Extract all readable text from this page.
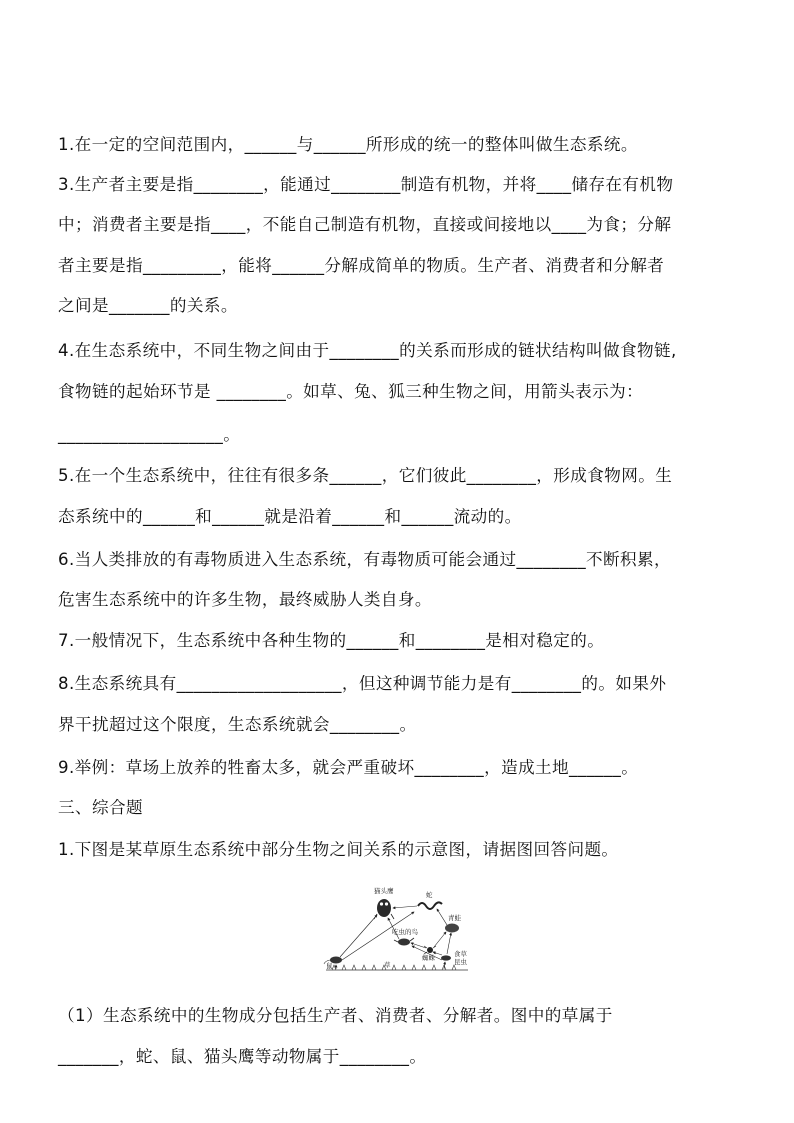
1.在一定的空间范围内，______与______所形成的统一的整体叫做生态系统。
3.生产者主要是指________，能通过________制造有机物，并将____储存在有机物
中；消费者主要是指____，不能自己制造有机物，直接或间接地以____为食；分解
者主要是指_________，能将______分解成简单的物质。生产者、消费者和分解者
之间是_______的关系。
4.在生态系统中，不同生物之间由于________的关系而形成的链状结构叫做食物链,
食物链的起始环节是 ________。如草、兔、狐三种生物之间，用箭头表示为：
___________________。
5.在一个生态系统中，往往有很多条______，它们彼此________，形成食物网。生
态系统中的______和______就是沿着______和______流动的。
6.当人类排放的有毒物质进入生态系统，有毒物质可能会通过________不断积累，
危害生态系统中的许多生物，最终威胁人类自身。
7.一般情况下，生态系统中各种生物的______和________是相对稳定的。
8.生态系统具有___________________，但这种调节能力是有________的。如果外
界干扰超过这个限度，生态系统就会________。
9.举例：草场上放养的牲畜太多，就会严重破坏________，造成土地______。
三、综合题
1.下图是某草原生态系统中部分生物之间关系的示意图，请据图回答问题。
猫头鹰	蛇
青蛙
吃虫的鸟
蜘蛛	食草
昆虫
鼠	草
（1）生态系统中的生物成分包括生产者、消费者、分解者。图中的草属于
_______，蛇、鼠、猫头鹰等动物属于________。
